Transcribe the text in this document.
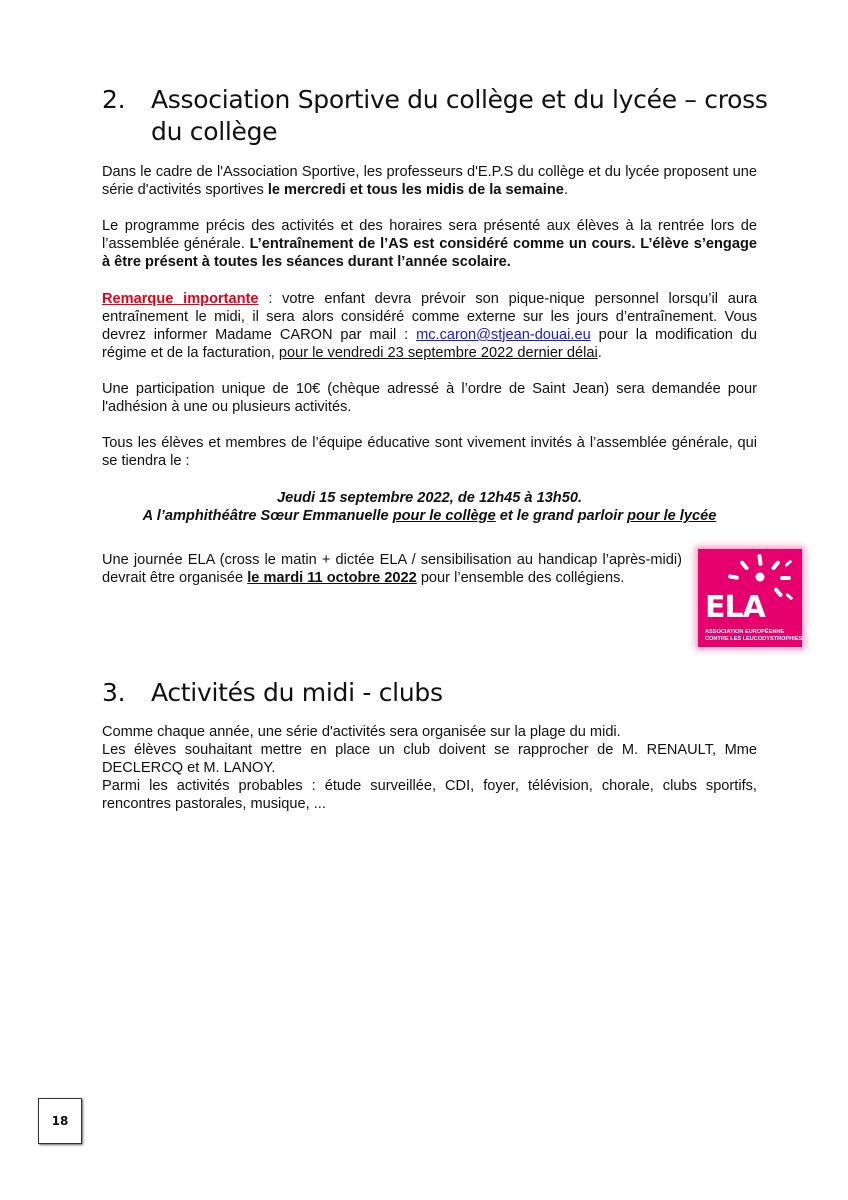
2. Association Sportive du collège et du lycée – cross du collège

Dans le cadre de l'Association Sportive, les professeurs d'E.P.S du collège et du lycée proposent une série d'activités sportives le mercredi et tous les midis de la semaine.

Le programme précis des activités et des horaires sera présenté aux élèves à la rentrée lors de l’assemblée générale. L’entraînement de l’AS est considéré comme un cours. L’élève s’engage à être présent à toutes les séances durant l’année scolaire.

Remarque importante : votre enfant devra prévoir son pique-nique personnel lorsqu’il aura entraînement le midi, il sera alors considéré comme externe sur les jours d’entraînement. Vous devrez informer Madame CARON par mail : mc.caron@stjean-douai.eu pour la modification du régime et de la facturation, pour le vendredi 23 septembre 2022 dernier délai.

Une participation unique de 10€ (chèque adressé à l’ordre de Saint Jean) sera demandée pour l'adhésion à une ou plusieurs activités.

Tous les élèves et membres de l’équipe éducative sont vivement invités à l’assemblée générale, qui se tiendra le :

Jeudi 15 septembre 2022, de 12h45 à 13h50.
A l’amphithéâtre Sœur Emmanuelle pour le collège et le grand parloir pour le lycée

Une journée ELA (cross le matin + dictée ELA / sensibilisation au handicap l’après-midi) devrait être organisée le mardi 11 octobre 2022 pour l’ensemble des collégiens.

ELA
ASSOCIATION EUROPÉENNE
CONTRE LES LEUCODYSTROPHIES
3. Activités du midi - clubs

Comme chaque année, une série d'activités sera organisée sur la plage du midi.

Les élèves souhaitant mettre en place un club doivent se rapprocher de M. RENAULT, Mme DECLERCQ et M. LANOY.

Parmi les activités probables : étude surveillée, CDI, foyer, télévision, chorale, clubs sportifs, rencontres pastorales, musique, ...

18
